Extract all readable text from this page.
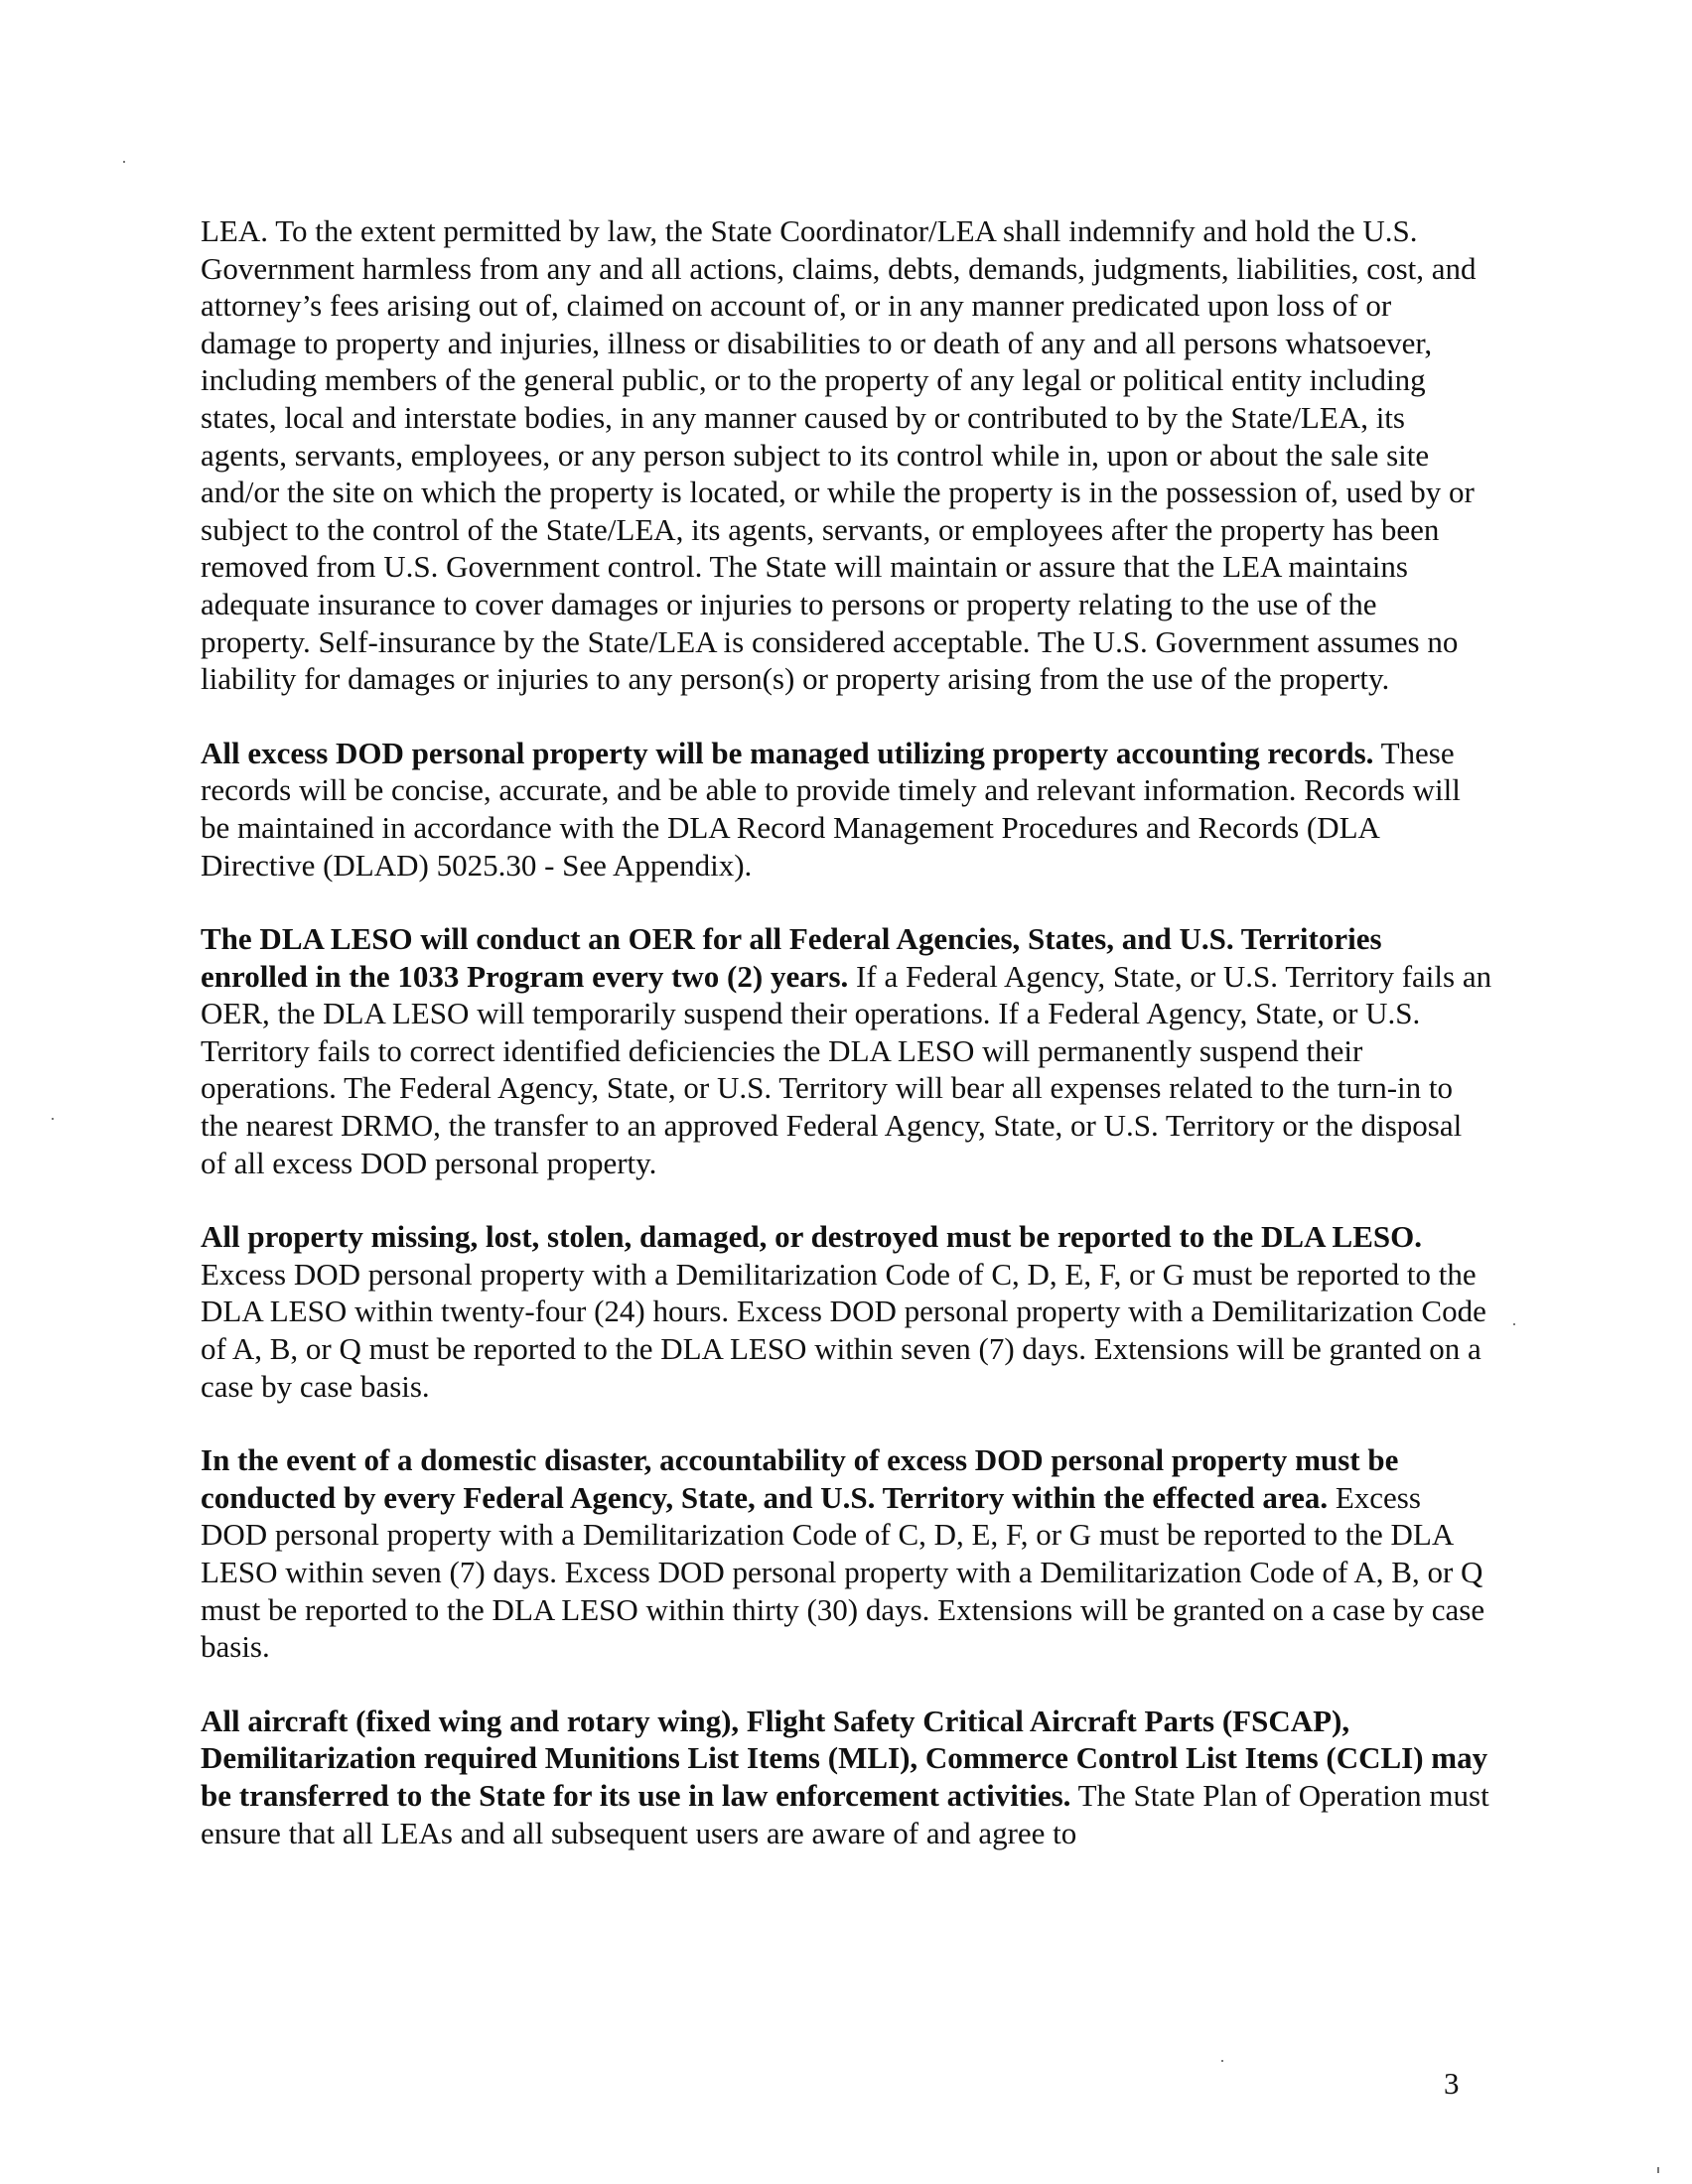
LEA. To the extent permitted by law, the State Coordinator/LEA shall indemnify and hold the U.S. Government harmless from any and all actions, claims, debts, demands, judgments, liabilities, cost, and attorney’s fees arising out of, claimed on account of, or in any manner predicated upon loss of or damage to property and injuries, illness or disabilities to or death of any and all persons whatsoever, including members of the general public, or to the property of any legal or political entity including states, local and interstate bodies, in any manner caused by or contributed to by the State/LEA, its agents, servants, employees, or any person subject to its control while in, upon or about the sale site and/or the site on which the property is located, or while the property is in the possession of, used by or subject to the control of the State/LEA, its agents, servants, or employees after the property has been removed from U.S. Government control. The State will maintain or assure that the LEA maintains adequate insurance to cover damages or injuries to persons or property relating to the use of the property. Self-insurance by the State/LEA is considered acceptable. The U.S. Government assumes no liability for damages or injuries to any person(s) or property arising from the use of the property.

All excess DOD personal property will be managed utilizing property accounting records. These records will be concise, accurate, and be able to provide timely and relevant information. Records will be maintained in accordance with the DLA Record Management Procedures and Records (DLA Directive (DLAD) 5025.30 - See Appendix).

The DLA LESO will conduct an OER for all Federal Agencies, States, and U.S. Territories enrolled in the 1033 Program every two (2) years. If a Federal Agency, State, or U.S. Territory fails an OER, the DLA LESO will temporarily suspend their operations. If a Federal Agency, State, or U.S. Territory fails to correct identified deficiencies the DLA LESO will permanently suspend their operations. The Federal Agency, State, or U.S. Territory will bear all expenses related to the turn-in to the nearest DRMO, the transfer to an approved Federal Agency, State, or U.S. Territory or the disposal of all excess DOD personal property.

All property missing, lost, stolen, damaged, or destroyed must be reported to the DLA LESO. Excess DOD personal property with a Demilitarization Code of C, D, E, F, or G must be reported to the DLA LESO within twenty-four (24) hours. Excess DOD personal property with a Demilitarization Code of A, B, or Q must be reported to the DLA LESO within seven (7) days. Extensions will be granted on a case by case basis.

In the event of a domestic disaster, accountability of excess DOD personal property must be conducted by every Federal Agency, State, and U.S. Territory within the effected area. Excess DOD personal property with a Demilitarization Code of C, D, E, F, or G must be reported to the DLA LESO within seven (7) days. Excess DOD personal property with a Demilitarization Code of A, B, or Q must be reported to the DLA LESO within thirty (30) days. Extensions will be granted on a case by case basis.

All aircraft (fixed wing and rotary wing), Flight Safety Critical Aircraft Parts (FSCAP), Demilitarization required Munitions List Items (MLI), Commerce Control List Items (CCLI) may be transferred to the State for its use in law enforcement activities. The State Plan of Operation must ensure that all LEAs and all subsequent users are aware of and agree to

3
